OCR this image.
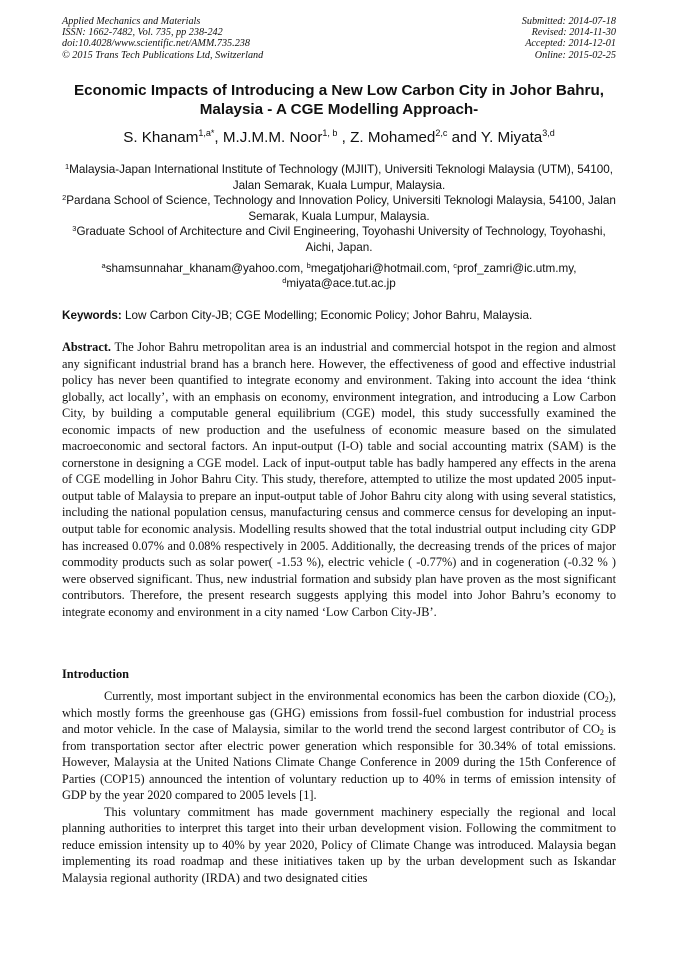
Applied Mechanics and Materials
ISSN: 1662-7482, Vol. 735, pp 238-242
doi:10.4028/www.scientific.net/AMM.735.238
© 2015 Trans Tech Publications Ltd, Switzerland
Submitted: 2014-07-18
Revised: 2014-11-30
Accepted: 2014-12-01
Online: 2015-02-25
Economic Impacts of Introducing a New Low Carbon City in Johor Bahru, Malaysia - A CGE Modelling Approach-
S. Khanam$^{1,a*}$, M.J.M.M. Noor$^{1, b}$ , Z. Mohamed$^{2,c}$ and Y. Miyata$^{3,d}$

$^1$Malaysia-Japan International Institute of Technology (MJIIT), Universiti Teknologi Malaysia (UTM), 54100, Jalan Semarak, Kuala Lumpur, Malaysia.

$^2$Pardana School of Science, Technology and Innovation Policy, Universiti Teknologi Malaysia, 54100, Jalan Semarak, Kuala Lumpur, Malaysia.

$^3$Graduate School of Architecture and Civil Engineering, Toyohashi University of Technology, Toyohashi, Aichi, Japan.

$^a$shamsunnahar_khanam@yahoo.com, $^b$megatjohari@hotmail.com, $^c$prof_zamri@ic.utm.my,
$^d$miyata@ace.tut.ac.jp

Keywords: Low Carbon City-JB; CGE Modelling; Economic Policy; Johor Bahru, Malaysia.

Abstract. The Johor Bahru metropolitan area is an industrial and commercial hotspot in the region and almost any significant industrial brand has a branch here. However, the effectiveness of good and effective industrial policy has never been quantified to integrate economy and environment. Taking into account the idea ‘think globally, act locally’, with an emphasis on economy, environment integration, and introducing a Low Carbon City, by building a computable general equilibrium (CGE) model, this study successfully examined the economic impacts of new production and the usefulness of economic measure based on the simulated macroeconomic and sectoral factors. An input-output (I-O) table and social accounting matrix (SAM) is the cornerstone in designing a CGE model. Lack of input-output table has badly hampered any effects in the arena of CGE modelling in Johor Bahru City. This study, therefore, attempted to utilize the most updated 2005 input-output table of Malaysia to prepare an input-output table of Johor Bahru city along with using several statistics, including the national population census, manufacturing census and commerce census for developing an input-output table for economic analysis. Modelling results showed that the total industrial output including city GDP has increased 0.07% and 0.08% respectively in 2005. Additionally, the decreasing trends of the prices of major commodity products such as solar power( -1.53 %), electric vehicle ( -0.77%) and in cogeneration (-0.32 % ) were observed significant. Thus, new industrial formation and subsidy plan have proven as the most significant contributors. Therefore, the present research suggests applying this model into Johor Bahru’s economy to integrate economy and environment in a city named ‘Low Carbon City-JB’.

Introduction

Currently, most important subject in the environmental economics has been the carbon dioxide $(CO_2)$, which mostly forms the greenhouse gas (GHG) emissions from fossil-fuel combustion for industrial process and motor vehicle. In the case of Malaysia, similar to the world trend the second largest contributor of $CO_2$ is from transportation sector after electric power generation which responsible for 30.34% of total emissions. However, Malaysia at the United Nations Climate Change Conference in 2009 during the 15th Conference of Parties (COP15) announced the intention of voluntary reduction up to 40% in terms of emission intensity of GDP by the year 2020 compared to 2005 levels [1].

This voluntary commitment has made government machinery especially the regional and local planning authorities to interpret this target into their urban development vision. Following the commitment to reduce emission intensity up to 40% by year 2020, Policy of Climate Change was introduced. Malaysia began implementing its road roadmap and these initiatives taken up by the urban development such as Iskandar Malaysia regional authority (IRDA) and two designated cities
